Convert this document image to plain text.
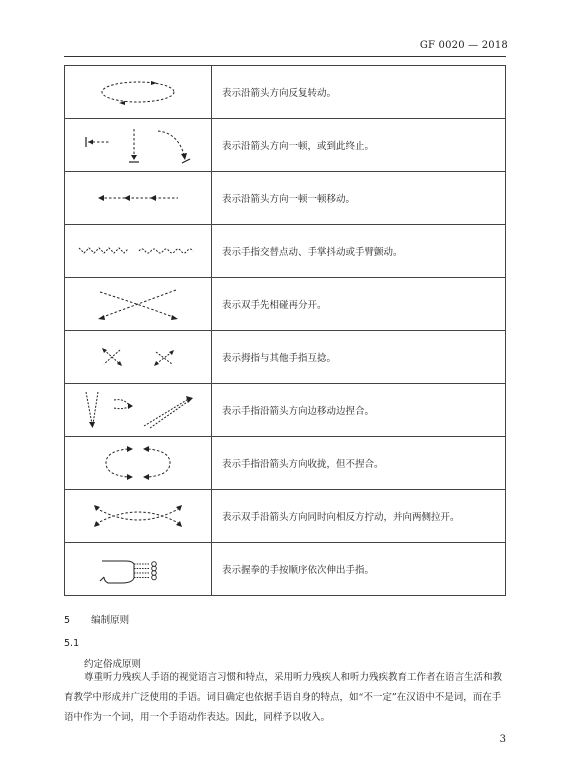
GF 0020 — 2018
	表示沿箭头方向反复转动。

	表示沿箭头方向一顿，或到此终止。

	表示沿箭头方向一顿一顿移动。

	表示手指交替点动、手掌抖动或手臂颤动。

	表示双手先相碰再分开。

	表示拇指与其他手指互捻。

	表示手指沿箭头方向边移动边捏合。

	表示手指沿箭头方向收拢，但不捏合。

	表示双手沿箭头方向同时向相反方拧动，并向两侧拉开。

	表示握拳的手按顺序依次伸出手指。
5 编制原则
5.1
约定俗成原则
尊重听力残疾人手语的视觉语言习惯和特点，采用听力残疾人和听力残疾教育工作者在语言生活和教育教学中形成并广泛使用的手语。词目确定也依据手语自身的特点，如“不一定”在汉语中不是词，而在手语中作为一个词，用一个手语动作表达。因此，同样予以收入。
3
